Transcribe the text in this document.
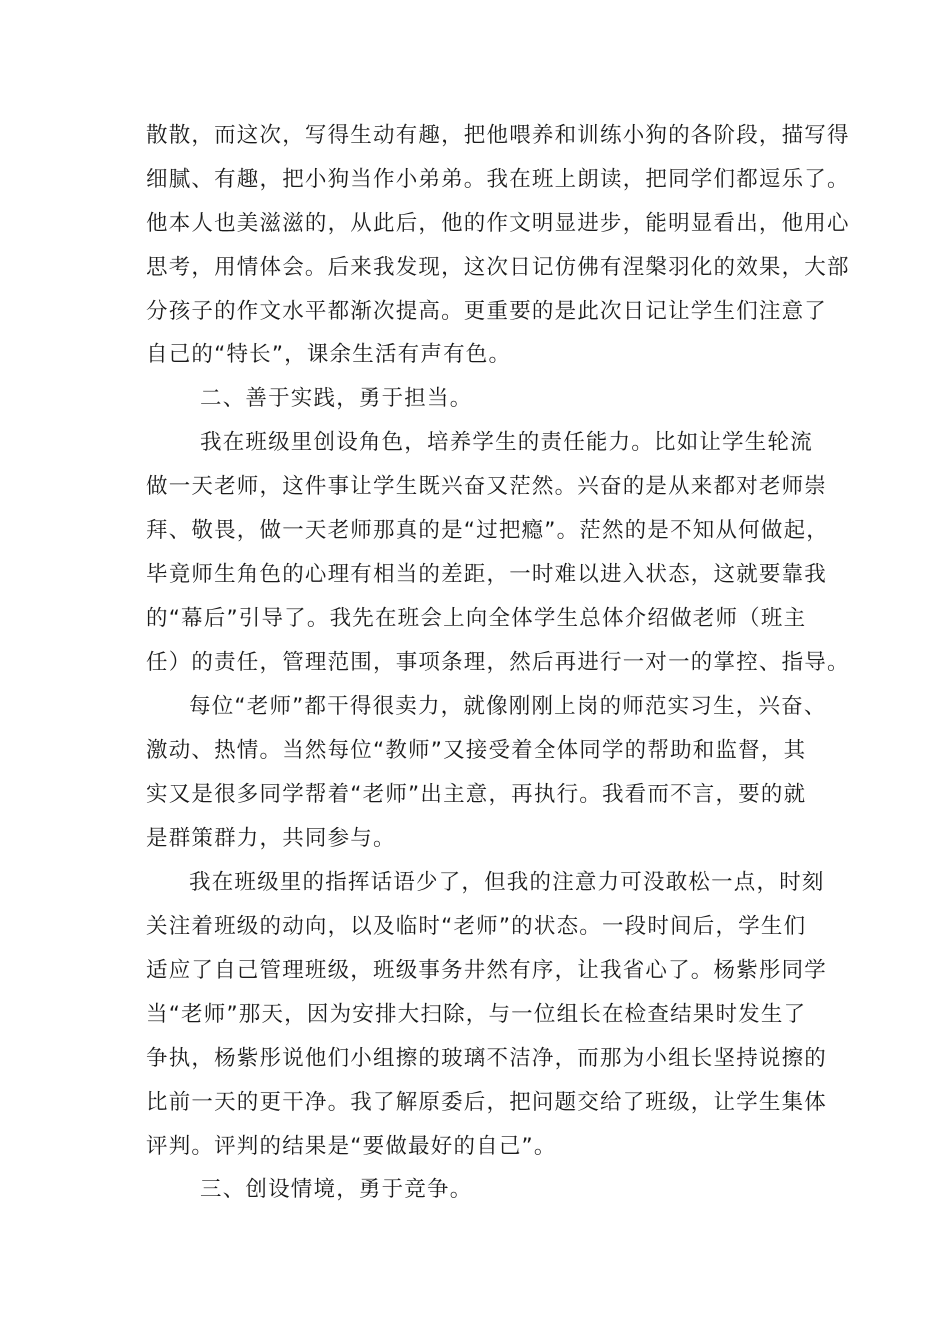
散散，而这次，写得生动有趣，把他喂养和训练小狗的各阶段，描写得
细腻、有趣，把小狗当作小弟弟。我在班上朗读，把同学们都逗乐了。
他本人也美滋滋的，从此后，他的作文明显进步，能明显看出，他用心
思考，用情体会。后来我发现，这次日记仿佛有涅槃羽化的效果，大部
分孩子的作文水平都渐次提高。更重要的是此次日记让学生们注意了
自己的“特长”，课余生活有声有色。
二、善于实践，勇于担当。
我在班级里创设角色，培养学生的责任能力。比如让学生轮流
做一天老师，这件事让学生既兴奋又茫然。兴奋的是从来都对老师崇
拜、敬畏，做一天老师那真的是“过把瘾”。茫然的是不知从何做起，
毕竟师生角色的心理有相当的差距，一时难以进入状态，这就要靠我
的“幕后”引导了。我先在班会上向全体学生总体介绍做老师（班主
任）的责任，管理范围，事项条理，然后再进行一对一的掌控、指导。
每位“老师”都干得很卖力，就像刚刚上岗的师范实习生，兴奋、
激动、热情。当然每位“教师”又接受着全体同学的帮助和监督，其
实又是很多同学帮着“老师”出主意，再执行。我看而不言，要的就
是群策群力，共同参与。
我在班级里的指挥话语少了，但我的注意力可没敢松一点，时刻
关注着班级的动向，以及临时“老师”的状态。一段时间后，学生们
适应了自己管理班级，班级事务井然有序，让我省心了。杨紫彤同学
当“老师”那天，因为安排大扫除，与一位组长在检查结果时发生了
争执，杨紫彤说他们小组擦的玻璃不洁净，而那为小组长坚持说擦的
比前一天的更干净。我了解原委后，把问题交给了班级，让学生集体
评判。评判的结果是“要做最好的自己”。
三、创设情境，勇于竞争。
